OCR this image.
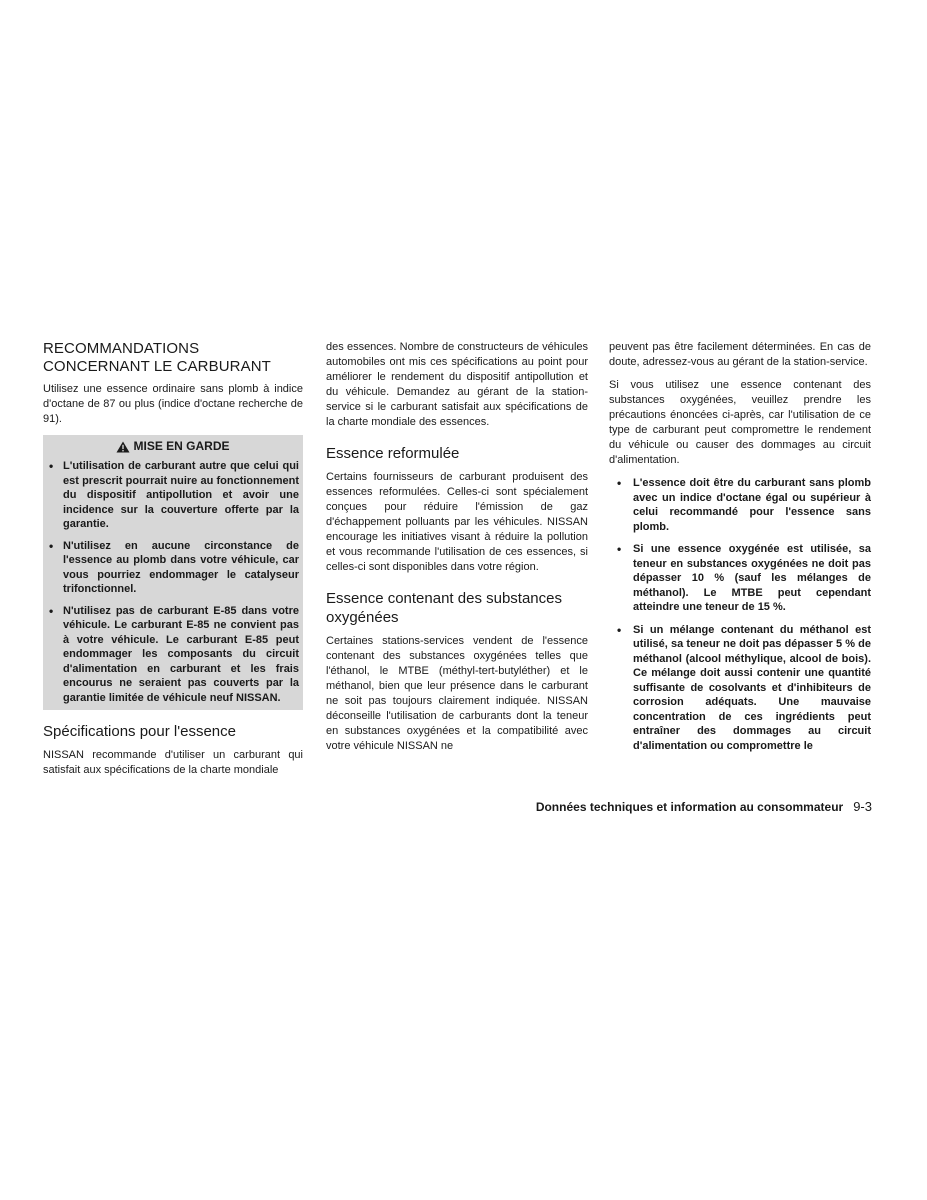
RECOMMANDATIONS CONCERNANT LE CARBURANT

Utilisez une essence ordinaire sans plomb à indice d'octane de 87 ou plus (indice d'octane recherche de 91).

MISE EN GARDE
• L'utilisation de carburant autre que celui qui est prescrit pourrait nuire au fonctionnement du dispositif antipollution et avoir une incidence sur la couverture offerte par la garantie.
• N'utilisez en aucune circonstance de l'essence au plomb dans votre véhicule, car vous pourriez endommager le catalyseur trifonctionnel.
• N'utilisez pas de carburant E-85 dans votre véhicule. Le carburant E-85 ne convient pas à votre véhicule. Le carburant E-85 peut endommager les composants du circuit d'alimentation en carburant et les frais encourus ne seraient pas couverts par la garantie limitée de véhicule neuf NISSAN.
Spécifications pour l'essence

NISSAN recommande d'utiliser un carburant qui satisfait aux spécifications de la charte mondiale

des essences. Nombre de constructeurs de véhicules automobiles ont mis ces spécifications au point pour améliorer le rendement du dispositif antipollution et du véhicule. Demandez au gérant de la station-service si le carburant satisfait aux spécifications de la charte mondiale des essences.

Essence reformulée

Certains fournisseurs de carburant produisent des essences reformulées. Celles-ci sont spécialement conçues pour réduire l'émission de gaz d'échappement polluants par les véhicules. NISSAN encourage les initiatives visant à réduire la pollution et vous recommande l'utilisation de ces essences, si celles-ci sont disponibles dans votre région.

Essence contenant des substances oxygénées

Certaines stations-services vendent de l'essence contenant des substances oxygénées telles que l'éthanol, le MTBE (méthyl-tert-butyléther) et le méthanol, bien que leur présence dans le carburant ne soit pas toujours clairement indiquée. NISSAN déconseille l'utilisation de carburants dont la teneur en substances oxygénées et la compatibilité avec votre véhicule NISSAN ne

peuvent pas être facilement déterminées. En cas de doute, adressez-vous au gérant de la station-service.

Si vous utilisez une essence contenant des substances oxygénées, veuillez prendre les précautions énoncées ci-après, car l'utilisation de ce type de carburant peut compromettre le rendement du véhicule ou causer des dommages au circuit d'alimentation.

• L'essence doit être du carburant sans plomb avec un indice d'octane égal ou supérieur à celui recommandé pour l'essence sans plomb.
• Si une essence oxygénée est utilisée, sa teneur en substances oxygénées ne doit pas dépasser 10 % (sauf les mélanges de méthanol). Le MTBE peut cependant atteindre une teneur de 15 %.
• Si un mélange contenant du méthanol est utilisé, sa teneur ne doit pas dépasser 5 % de méthanol (alcool méthylique, alcool de bois). Ce mélange doit aussi contenir une quantité suffisante de cosolvants et d'inhibiteurs de corrosion adéquats. Une mauvaise concentration de ces ingrédients peut entraîner des dommages au circuit d'alimentation ou compromettre le
Données techniques et information au consommateur 9-3
